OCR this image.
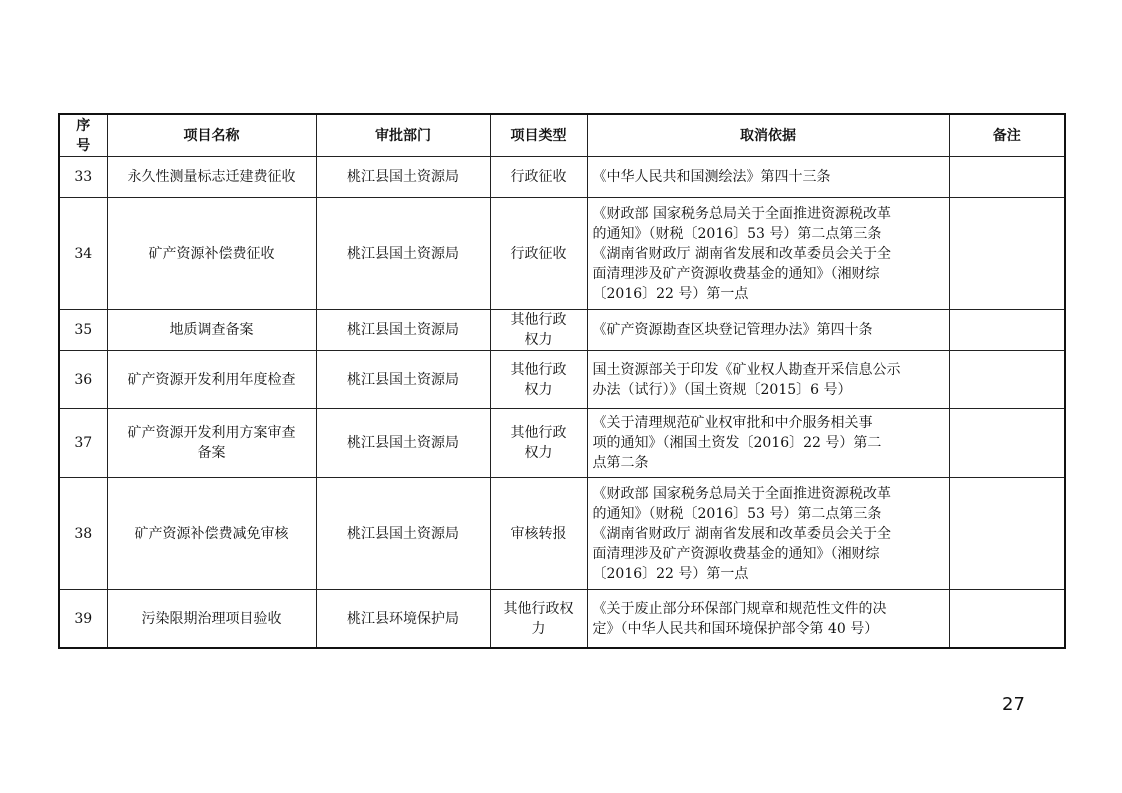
序
号	项目名称	审批部门	项目类型	取消依据	备注
33	永久性测量标志迁建费征收	桃江县国土资源局	行政征收	《中华人民共和国测绘法》第四十三条	

34	矿产资源补偿费征收	桃江县国土资源局	行政征收	《财政部 国家税务总局关于全面推进资源税改革
的通知》（财税〔2016〕53 号）第二点第三条
《湖南省财政厅 湖南省发展和改革委员会关于全
面清理涉及矿产资源收费基金的通知》（湘财综
〔2016〕22 号）第一点	

35	地质调查备案	桃江县国土资源局	其他行政
权力	《矿产资源勘查区块登记管理办法》第四十条	

36	矿产资源开发利用年度检查	桃江县国土资源局	其他行政
权力	国土资源部关于印发《矿业权人勘查开采信息公示
办法（试行）》（国土资规〔2015〕6 号）	

37	矿产资源开发利用方案审查
备案	桃江县国土资源局	其他行政
权力	《关于清理规范矿业权审批和中介服务相关事
项的通知》（湘国土资发〔2016〕22 号）第二
点第二条	

38	矿产资源补偿费减免审核	桃江县国土资源局	审核转报	《财政部 国家税务总局关于全面推进资源税改革
的通知》（财税〔2016〕53 号）第二点第三条
《湖南省财政厅 湖南省发展和改革委员会关于全
面清理涉及矿产资源收费基金的通知》（湘财综
〔2016〕22 号）第一点	

39	污染限期治理项目验收	桃江县环境保护局	其他行政权
力	《关于废止部分环保部门规章和规范性文件的决
定》（中华人民共和国环境保护部令第 40 号）	

27
